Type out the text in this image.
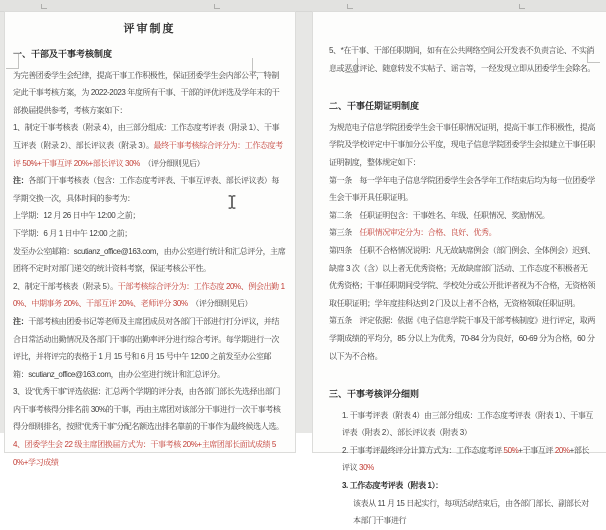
评审制度
一、干部及干事考核制度
为完善团委学生会纪律，提高干事工作积极性，保证团委学生会内部公平，特制定此干事考核方案，为 2022-2023 年度所有干事、干部的评优评选及学年末的干部换届提供参考，考核方案如下：
1、制定干事考核表（附录 4），由三部分组成：工作态度考评表（附录 1）、干事互评表（附录 2）、部长评议表（附录 3）。最终干事考核综合评分为：工作态度考评 50%+干事互评 20%+部长评议 30%　（评分细则见后）
注：各部门干事考核表（包含：工作态度考评表、干事互评表、部长评议表）每学期交换一次，具体时间的参考为：
上学期：12 月 26 日中午 12:00 之前；
下学期：6 月 1 日中午 12:00 之前；
发至办公室邮箱：scutianz_office@163.com，由办公室进行统计和汇总评分，主席团将不定时对部门递交的统计资料考察，保证考核公平性。
2、制定干部考核表（附录 5）。干部考核综合评分为：工作态度 20%、例会出勤 10%、中期事务 20%、干部互评 20%、老师评分 30%　（评分细则见后）
注：干部考核由团委书记等老师及主席团成员对各部门干部进行打分评议，并结合日常活动出勤情况及各部门干事的出勤率评分进行综合考评。每学期进行一次评比，并将评完的表格于 1 月 15 号和 6 月 15 号中午 12:00 之前发至办公室邮箱：scutianz_office@163.com，由办公室进行统计和汇总评分。
3、设“优秀干事”评选依据：汇总两个学期的评分表，由各部门部长先选择出部门内干事考核得分排名前 30%的干事，再由主席团对该部分干事进行一次干事考核得分细则排名，按照“优秀干事”分配名额选出排名靠前的干事作为最终候选人选。
4、团委学生会 22 级主席团换届方式为：干事考核 20%+主席团部长面试成绩 50%+学习成绩
5、*在干事、干部任职期间，如有在公共网络空间公开发表不负责言论、不实消息或恶意评论、随意转发不实帖子、谣言等，一经发现立即从团委学生会除名。
二、干事任期证明制度
为规范电子信息学院团委学生会干事任职情况证明，提高干事工作积极性，提高学院及学校评定中干事加分公平度，现电子信息学院团委学生会拟建立干事任职证明制度，整体规定如下：
第一条　每一学年电子信息学院团委学生会各学年工作结束后均为每一位团委学生会干事开具任职证明。
第二条　任职证明包含：干事姓名、年级、任职情况、奖励情况。
第三条　任职情况审定分为：合格、良好、优秀。
第四条　任职不合格情况说明：凡无故缺席例会（部门例会、全体例会）迟到、缺席 3 次（含）以上者无优秀资格；无故缺席部门活动、工作态度不积极者无优秀资格；干事任职期间受学院、学校处分或公开批评者视为不合格，无资格领取任职证明；学年度挂科达到 2 门及以上者不合格，无资格领取任职证明。
第五条　评定依据：依据《电子信息学院干事及干部考核制度》进行评定，取两学期成绩的平均分，85 分以上为优秀，70-84 分为良好，60-69 分为合格，60 分以下为不合格。
三、干事考核评分细则
1. 干事考评表（附表 4）由三部分组成：工作态度考评表（附表 1）、干事互评表（附表 2）、部长评议表（附表 3）
2. 干事考评最终评分计算方式为：工作态度考评 50%+干事互评 20%+部长评议 30%
3. 工作态度考评表（附表 1）：
该表从 11 月 15 日起实行，每项活动结束后，由各部门部长、副部长对本部门干事进行
